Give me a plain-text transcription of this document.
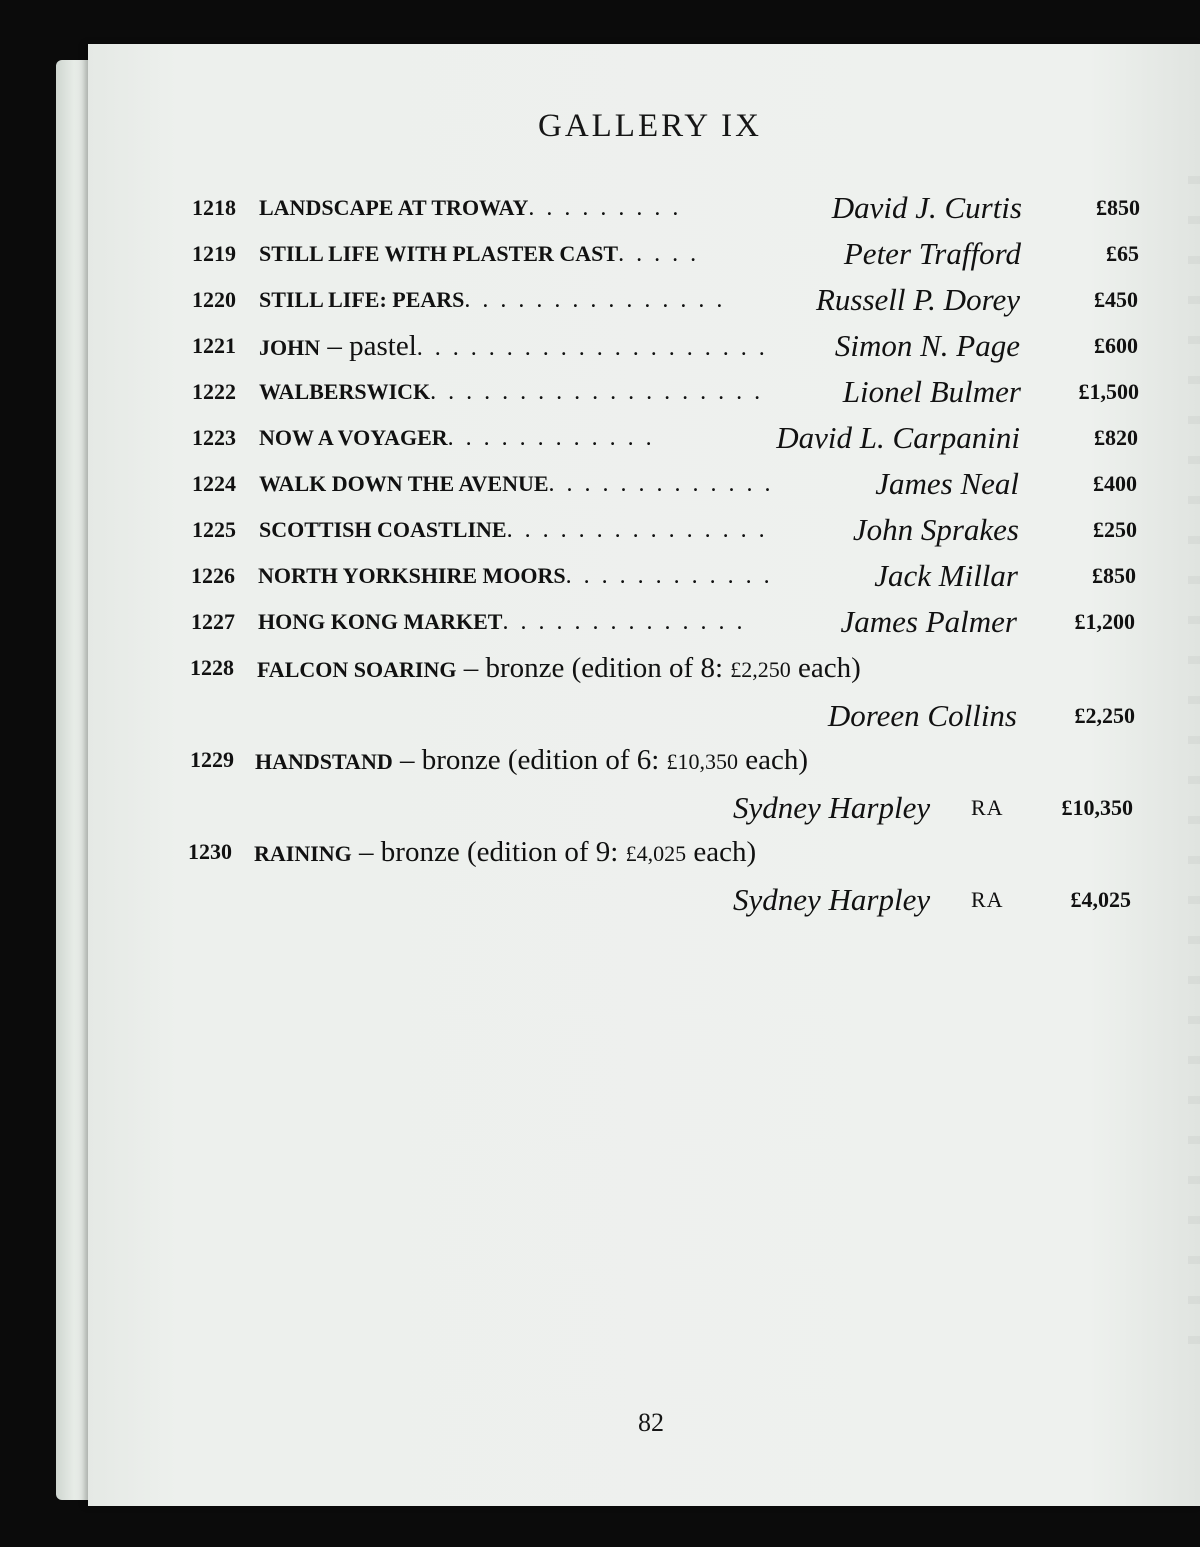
GALLERY IX
1218 LANDSCAPE AT TROWAY. . . . . . . . .	David J. Curtis	£850
1219 STILL LIFE WITH PLASTER CAST. . . . .	Peter Trafford	£65
1220 STILL LIFE: PEARS. . . . . . . . . . . . . . .	Russell P. Dorey	£450
1221 JOHN – pastel. . . . . . . . . . . . . . . . . . . . Simon N. Page	£600
1222 WALBERSWICK. . . . . . . . . . . . . . . . . . .	Lionel Bulmer	£1,500
1223 NOW A VOYAGER. . . . . . . . . . . .	David L. Carpanini	£820
1224 WALK DOWN THE AVENUE. . . . . . . . . . . . .	James Neal	£400
1225 SCOTTISH COASTLINE. . . . . . . . . . . . . . .	John Sprakes	£250
1226 NORTH YORKSHIRE MOORS. . . . . . . . . . . .	Jack Millar	£850
1227 HONG KONG MARKET. . . . . . . . . . . . . .	James Palmer	£1,200
1228 FALCON SOARING – bronze (edition of 8: £2,250 each)
Doreen Collins	£2,250
1229 HANDSTAND – bronze (edition of 6: £10,350 each)
Sydney Harpley RA	£10,350
1230 RAINING – bronze (edition of 9: £4,025 each)
Sydney Harpley RA	£4,025
82
